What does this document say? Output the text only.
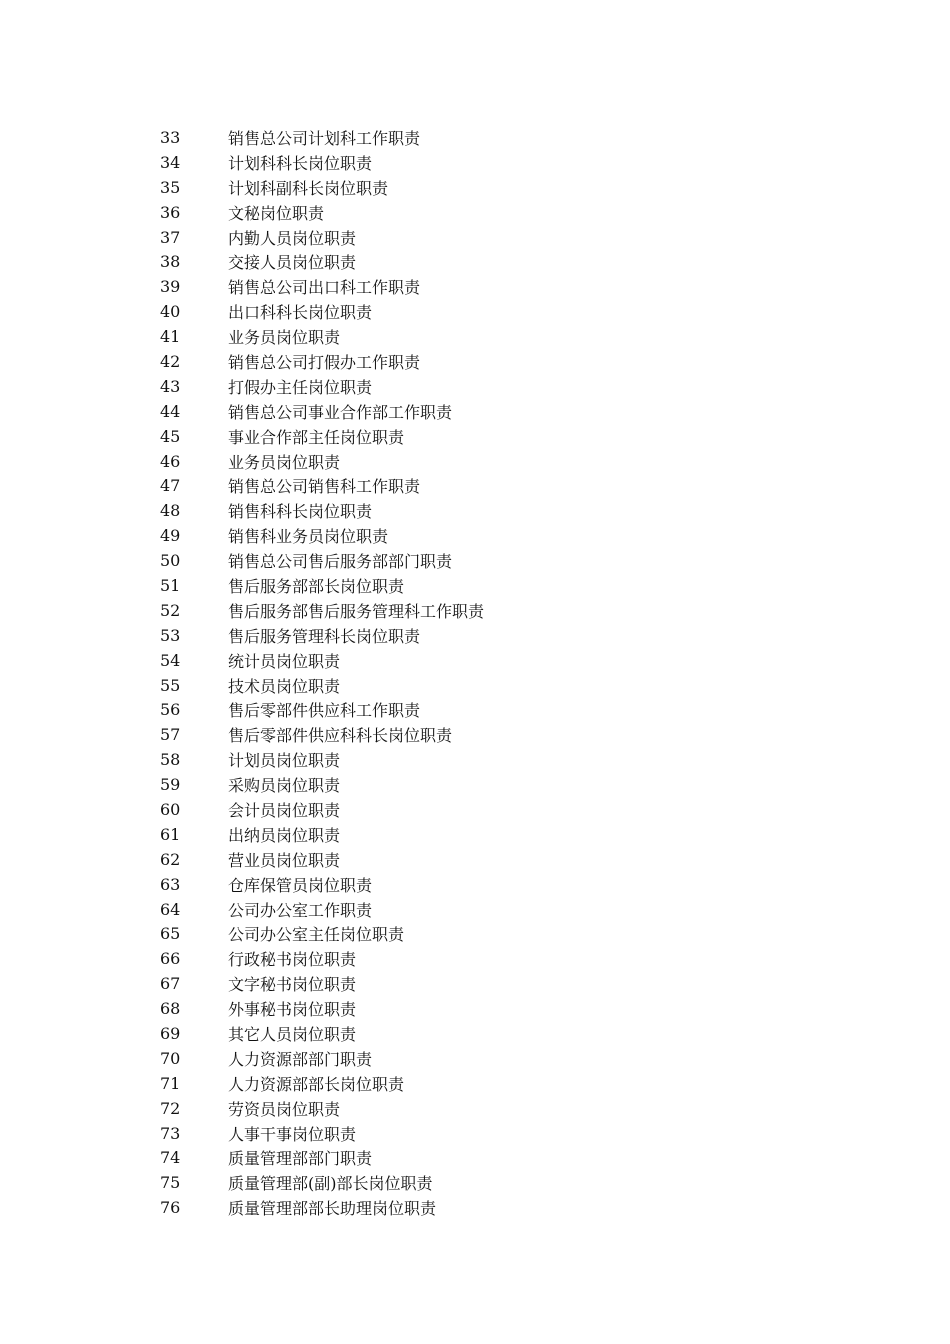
33	销售总公司计划科工作职责
34	计划科科长岗位职责
35	计划科副科长岗位职责
36	文秘岗位职责
37	内勤人员岗位职责
38	交接人员岗位职责
39	销售总公司出口科工作职责
40	出口科科长岗位职责
41	业务员岗位职责
42	销售总公司打假办工作职责
43	打假办主任岗位职责
44	销售总公司事业合作部工作职责
45	事业合作部主任岗位职责
46	业务员岗位职责
47	销售总公司销售科工作职责
48	销售科科长岗位职责
49	销售科业务员岗位职责
50	销售总公司售后服务部部门职责
51	售后服务部部长岗位职责
52	售后服务部售后服务管理科工作职责
53	售后服务管理科长岗位职责
54	统计员岗位职责
55	技术员岗位职责
56	售后零部件供应科工作职责
57	售后零部件供应科科长岗位职责
58	计划员岗位职责
59	采购员岗位职责
60	会计员岗位职责
61	出纳员岗位职责
62	营业员岗位职责
63	仓库保管员岗位职责
64	公司办公室工作职责
65	公司办公室主任岗位职责
66	行政秘书岗位职责
67	文字秘书岗位职责
68	外事秘书岗位职责
69	其它人员岗位职责
70	人力资源部部门职责
71	人力资源部部长岗位职责
72	劳资员岗位职责
73	人事干事岗位职责
74	质量管理部部门职责
75	质量管理部(副)部长岗位职责
76	质量管理部部长助理岗位职责
